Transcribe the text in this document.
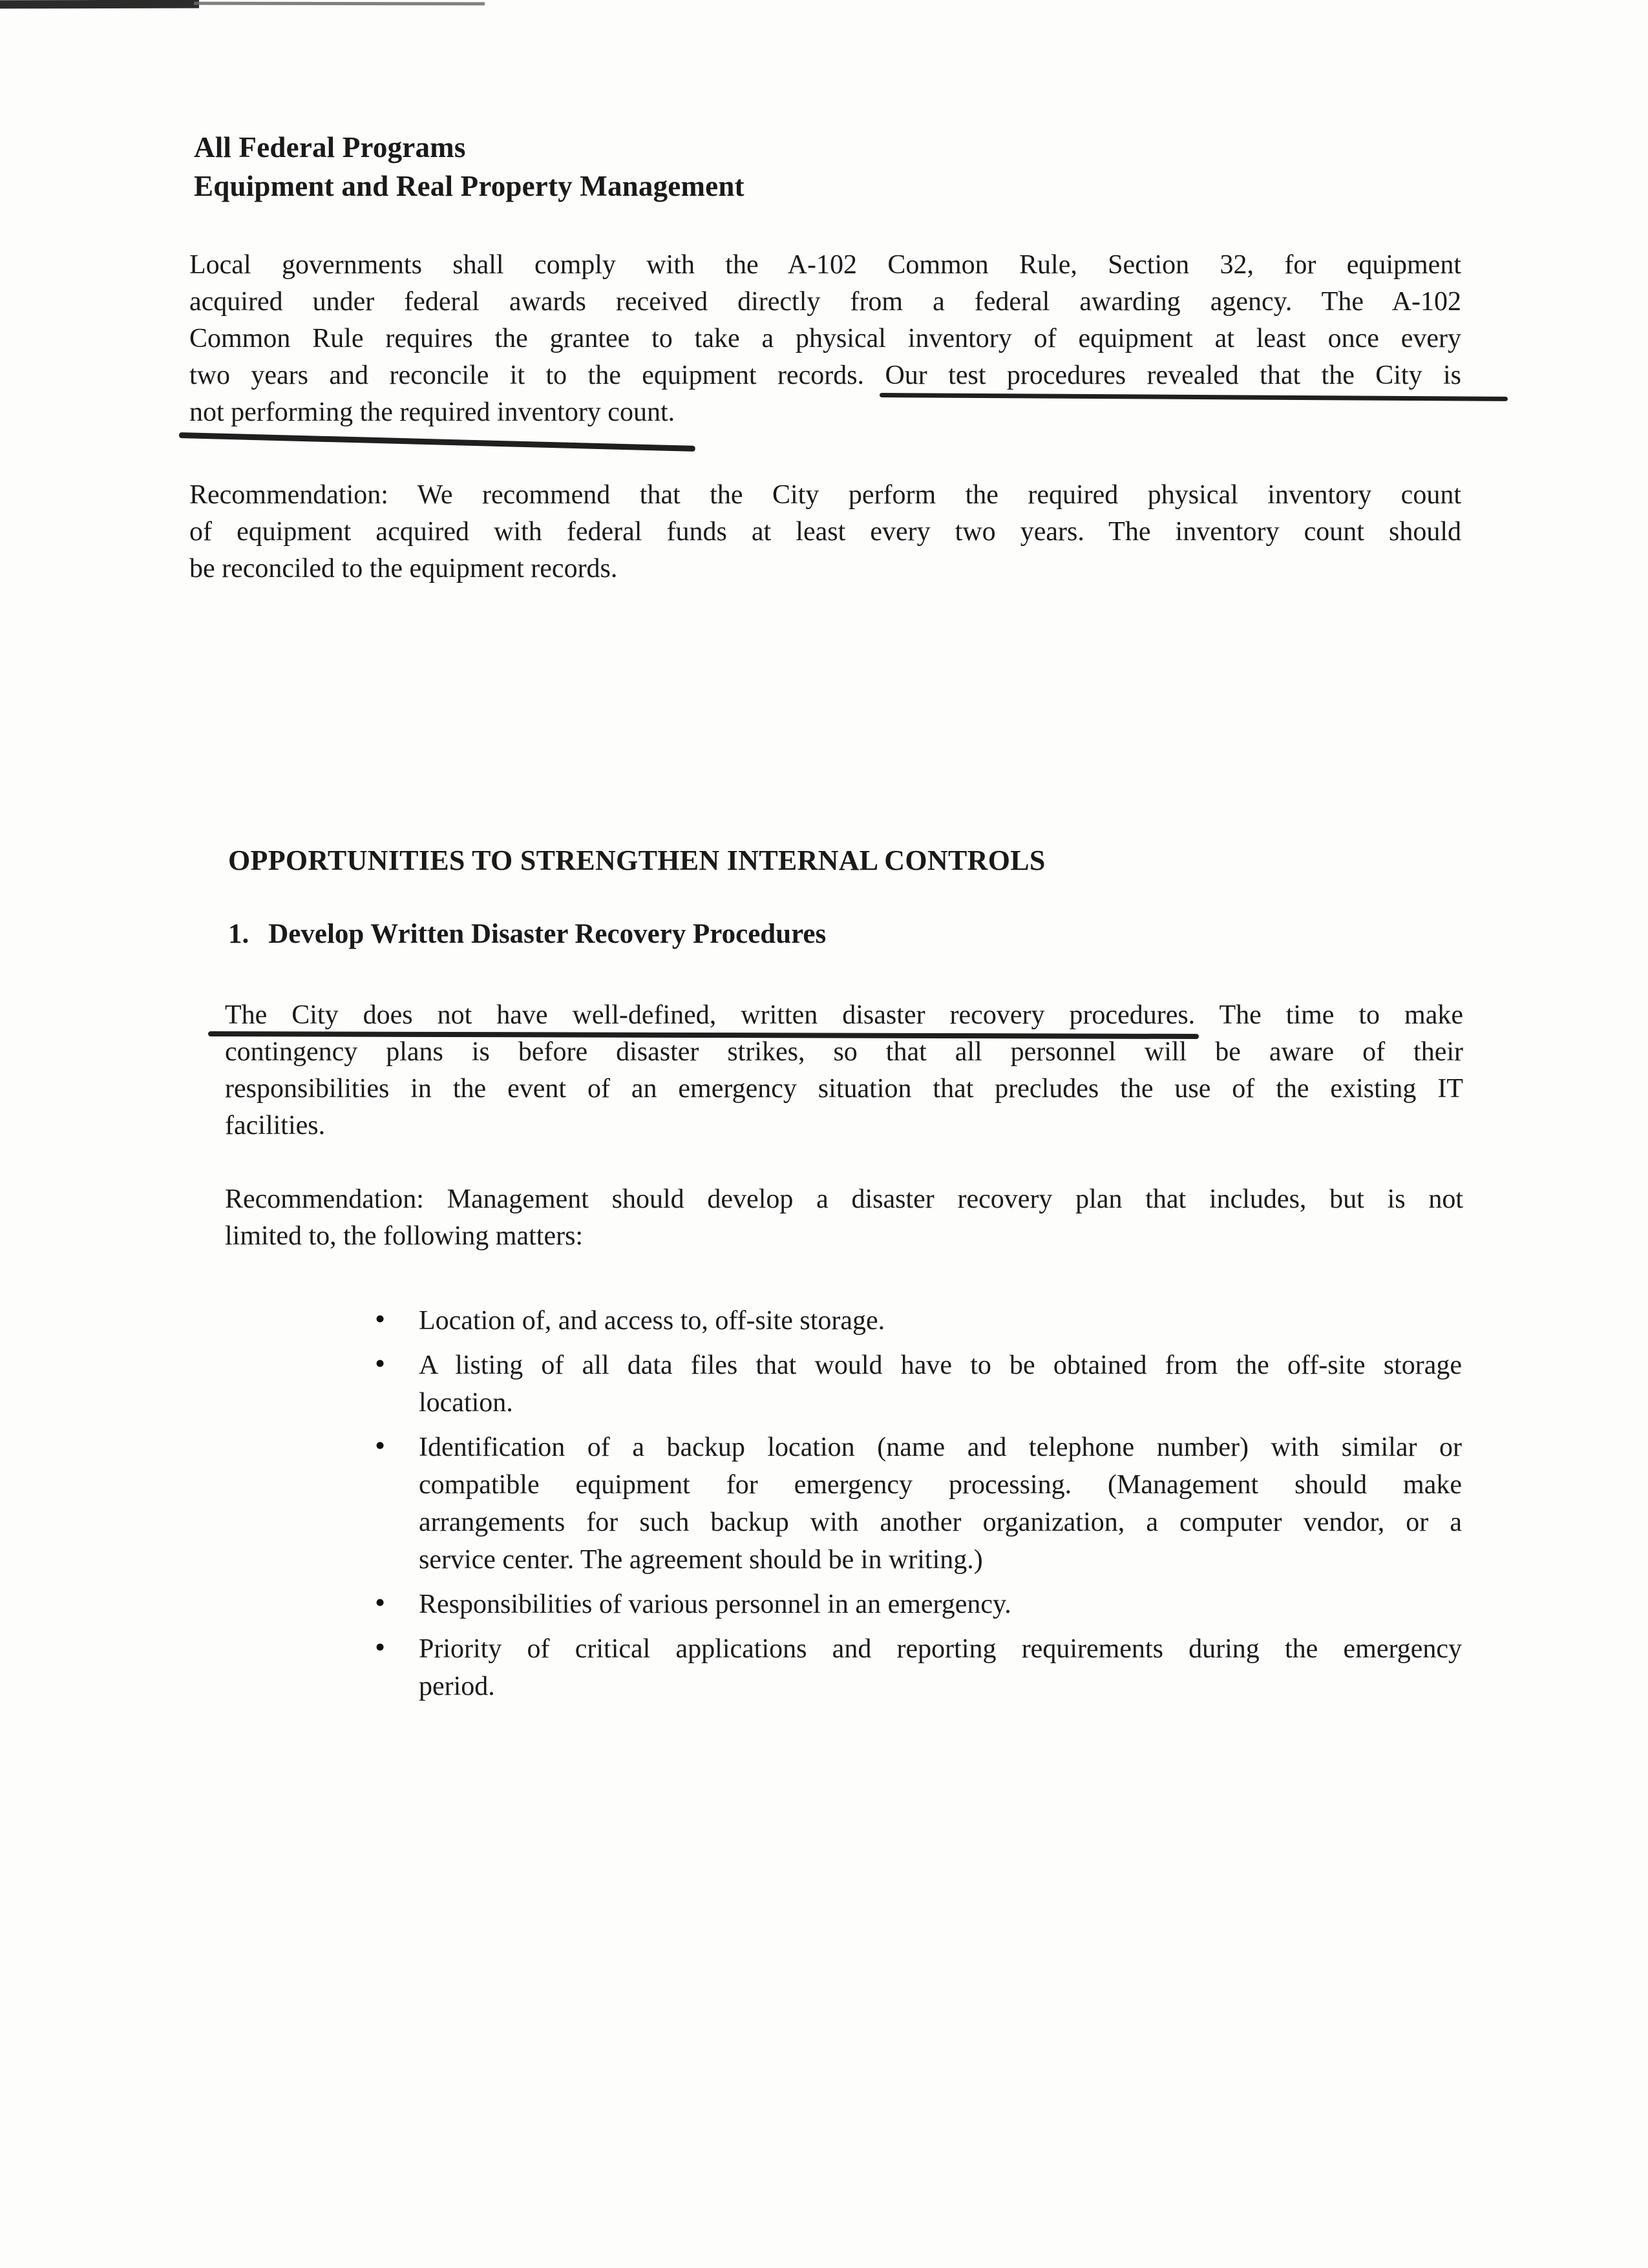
All Federal Programs
Equipment and Real Property Management
Local governments shall comply with the A-102 Common Rule, Section 32, for equipment
acquired under federal awards received directly from a federal awarding agency. The A-102
Common Rule requires the grantee to take a physical inventory of equipment at least once every
two years and reconcile it to the equipment records. Our test procedures revealed that the City is
not performing the required inventory count.
Recommendation: We recommend that the City perform the required physical inventory count
of equipment acquired with federal funds at least every two years. The inventory count should
be reconciled to the equipment records.
OPPORTUNITIES TO STRENGTHEN INTERNAL CONTROLS
1. Develop Written Disaster Recovery Procedures
The City does not have well-defined, written disaster recovery procedures. The time to make
contingency plans is before disaster strikes, so that all personnel will be aware of their
responsibilities in the event of an emergency situation that precludes the use of the existing IT
facilities.
Recommendation: Management should develop a disaster recovery plan that includes, but is not
limited to, the following matters:
• Location of, and access to, off-site storage.
• A listing of all data files that would have to be obtained from the off-site storage
location.
• Identification of a backup location (name and telephone number) with similar or
compatible equipment for emergency processing. (Management should make
arrangements for such backup with another organization, a computer vendor, or a
service center. The agreement should be in writing.)
• Responsibilities of various personnel in an emergency.
• Priority of critical applications and reporting requirements during the emergency
period.
